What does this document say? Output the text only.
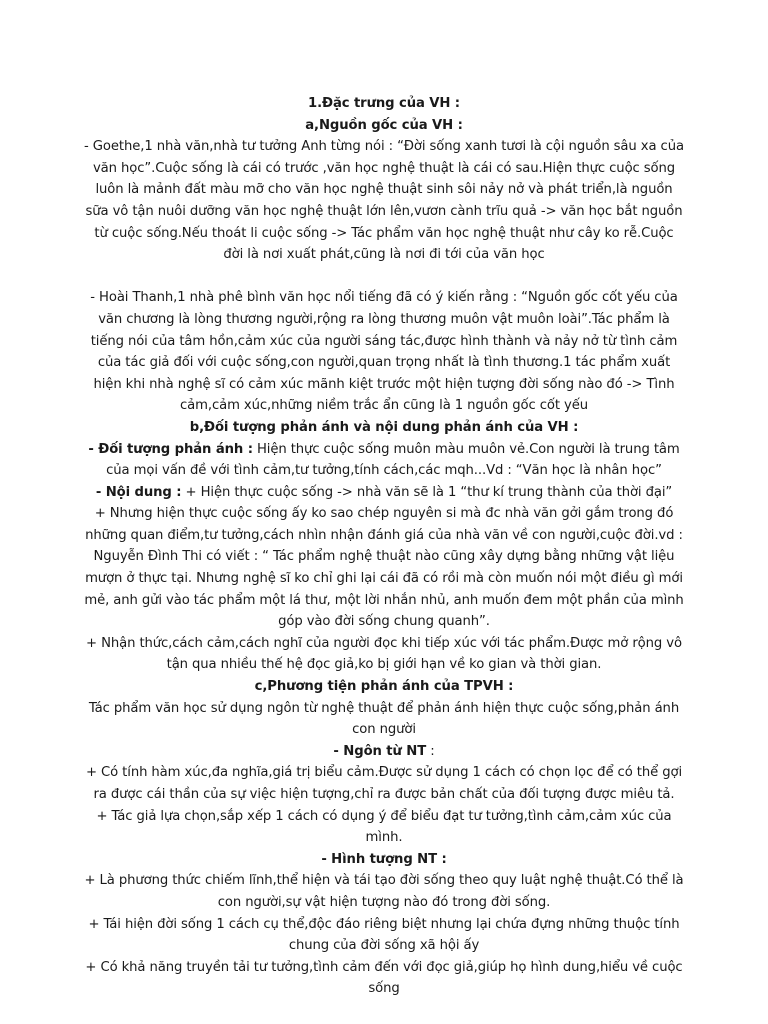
1.Đặc trưng của VH :

a,Nguồn gốc của VH :

- Goethe,1 nhà văn,nhà tư tưởng Anh từng nói : “Đời sống xanh tươi là cội nguồn sâu xa của văn học”.Cuộc sống là cái có trước ,văn học nghệ thuật là cái có sau.Hiện thực cuộc sống luôn là mảnh đất màu mỡ cho văn học nghệ thuật sinh sôi nảy nở và phát triển,là nguồn sữa vô tận nuôi dưỡng văn học nghệ thuật lớn lên,vươn cành trĩu quả -> văn học bắt nguồn từ cuộc sống.Nếu thoát li cuộc sống -> Tác phẩm văn học nghệ thuật như cây ko rễ.Cuộc đời là nơi xuất phát,cũng là nơi đi tới của văn học

- Hoài Thanh,1 nhà phê bình văn học nổi tiếng đã có ý kiến rằng : “Nguồn gốc cốt yếu của văn chương là lòng thương người,rộng ra lòng thương muôn vật muôn loài”.Tác phẩm là tiếng nói của tâm hồn,cảm xúc của người sáng tác,được hình thành và nảy nở từ tình cảm của tác giả đối với cuộc sống,con người,quan trọng nhất là tình thương.1 tác phẩm xuất hiện khi nhà nghệ sĩ có cảm xúc mãnh kiệt trước một hiện tượng đời sống nào đó -> Tình cảm,cảm xúc,những niềm trắc ẩn cũng là 1 nguồn gốc cốt yếu

b,Đối tượng phản ánh và nội dung phản ánh của VH :

- Đối tượng phản ánh : Hiện thực cuộc sống muôn màu muôn vẻ.Con người là trung tâm của mọi vấn đề với tình cảm,tư tưởng,tính cách,các mqh...Vd : “Văn học là nhân học”

- Nội dung : + Hiện thực cuộc sống -> nhà văn sẽ là 1 “thư kí trung thành của thời đại”

+ Nhưng hiện thực cuộc sống ấy ko sao chép nguyên si mà đc nhà văn gởi gắm trong đó những quan điểm,tư tưởng,cách nhìn nhận đánh giá của nhà văn về con người,cuộc đời.vd : Nguyễn Đình Thi có viết : “ Tác phẩm nghệ thuật nào cũng xây dựng bằng những vật liệu mượn ở thực tại. Nhưng nghệ sĩ ko chỉ ghi lại cái đã có rồi mà còn muốn nói một điều gì mới mẻ, anh gửi vào tác phẩm một lá thư, một lời nhắn nhủ, anh muốn đem một phần của mình góp vào đời sống chung quanh”.

+ Nhận thức,cách cảm,cách nghĩ của người đọc khi tiếp xúc với tác phẩm.Được mở rộng vô tận qua nhiều thế hệ đọc giả,ko bị giới hạn về ko gian và thời gian.

c,Phương tiện phản ánh của TPVH :

Tác phẩm văn học sử dụng ngôn từ nghệ thuật để phản ánh hiện thực cuộc sống,phản ánh con người

- Ngôn từ NT :

+ Có tính hàm xúc,đa nghĩa,giá trị biểu cảm.Được sử dụng 1 cách có chọn lọc để có thể gợi ra được cái thần của sự việc hiện tượng,chỉ ra được bản chất của đối tượng được miêu tả.

+ Tác giả lựa chọn,sắp xếp 1 cách có dụng ý để biểu đạt tư tưởng,tình cảm,cảm xúc của mình.

- Hình tượng NT :

+ Là phương thức chiếm lĩnh,thể hiện và tái tạo đời sống theo quy luật nghệ thuật.Có thể là con người,sự vật hiện tượng nào đó trong đời sống.

+ Tái hiện đời sống 1 cách cụ thể,độc đáo riêng biệt nhưng lại chứa đựng những thuộc tính chung của đời sống xã hội ấy

+ Có khả năng truyền tải tư tưởng,tình cảm đến với đọc giả,giúp họ hình dung,hiểu về cuộc sống
